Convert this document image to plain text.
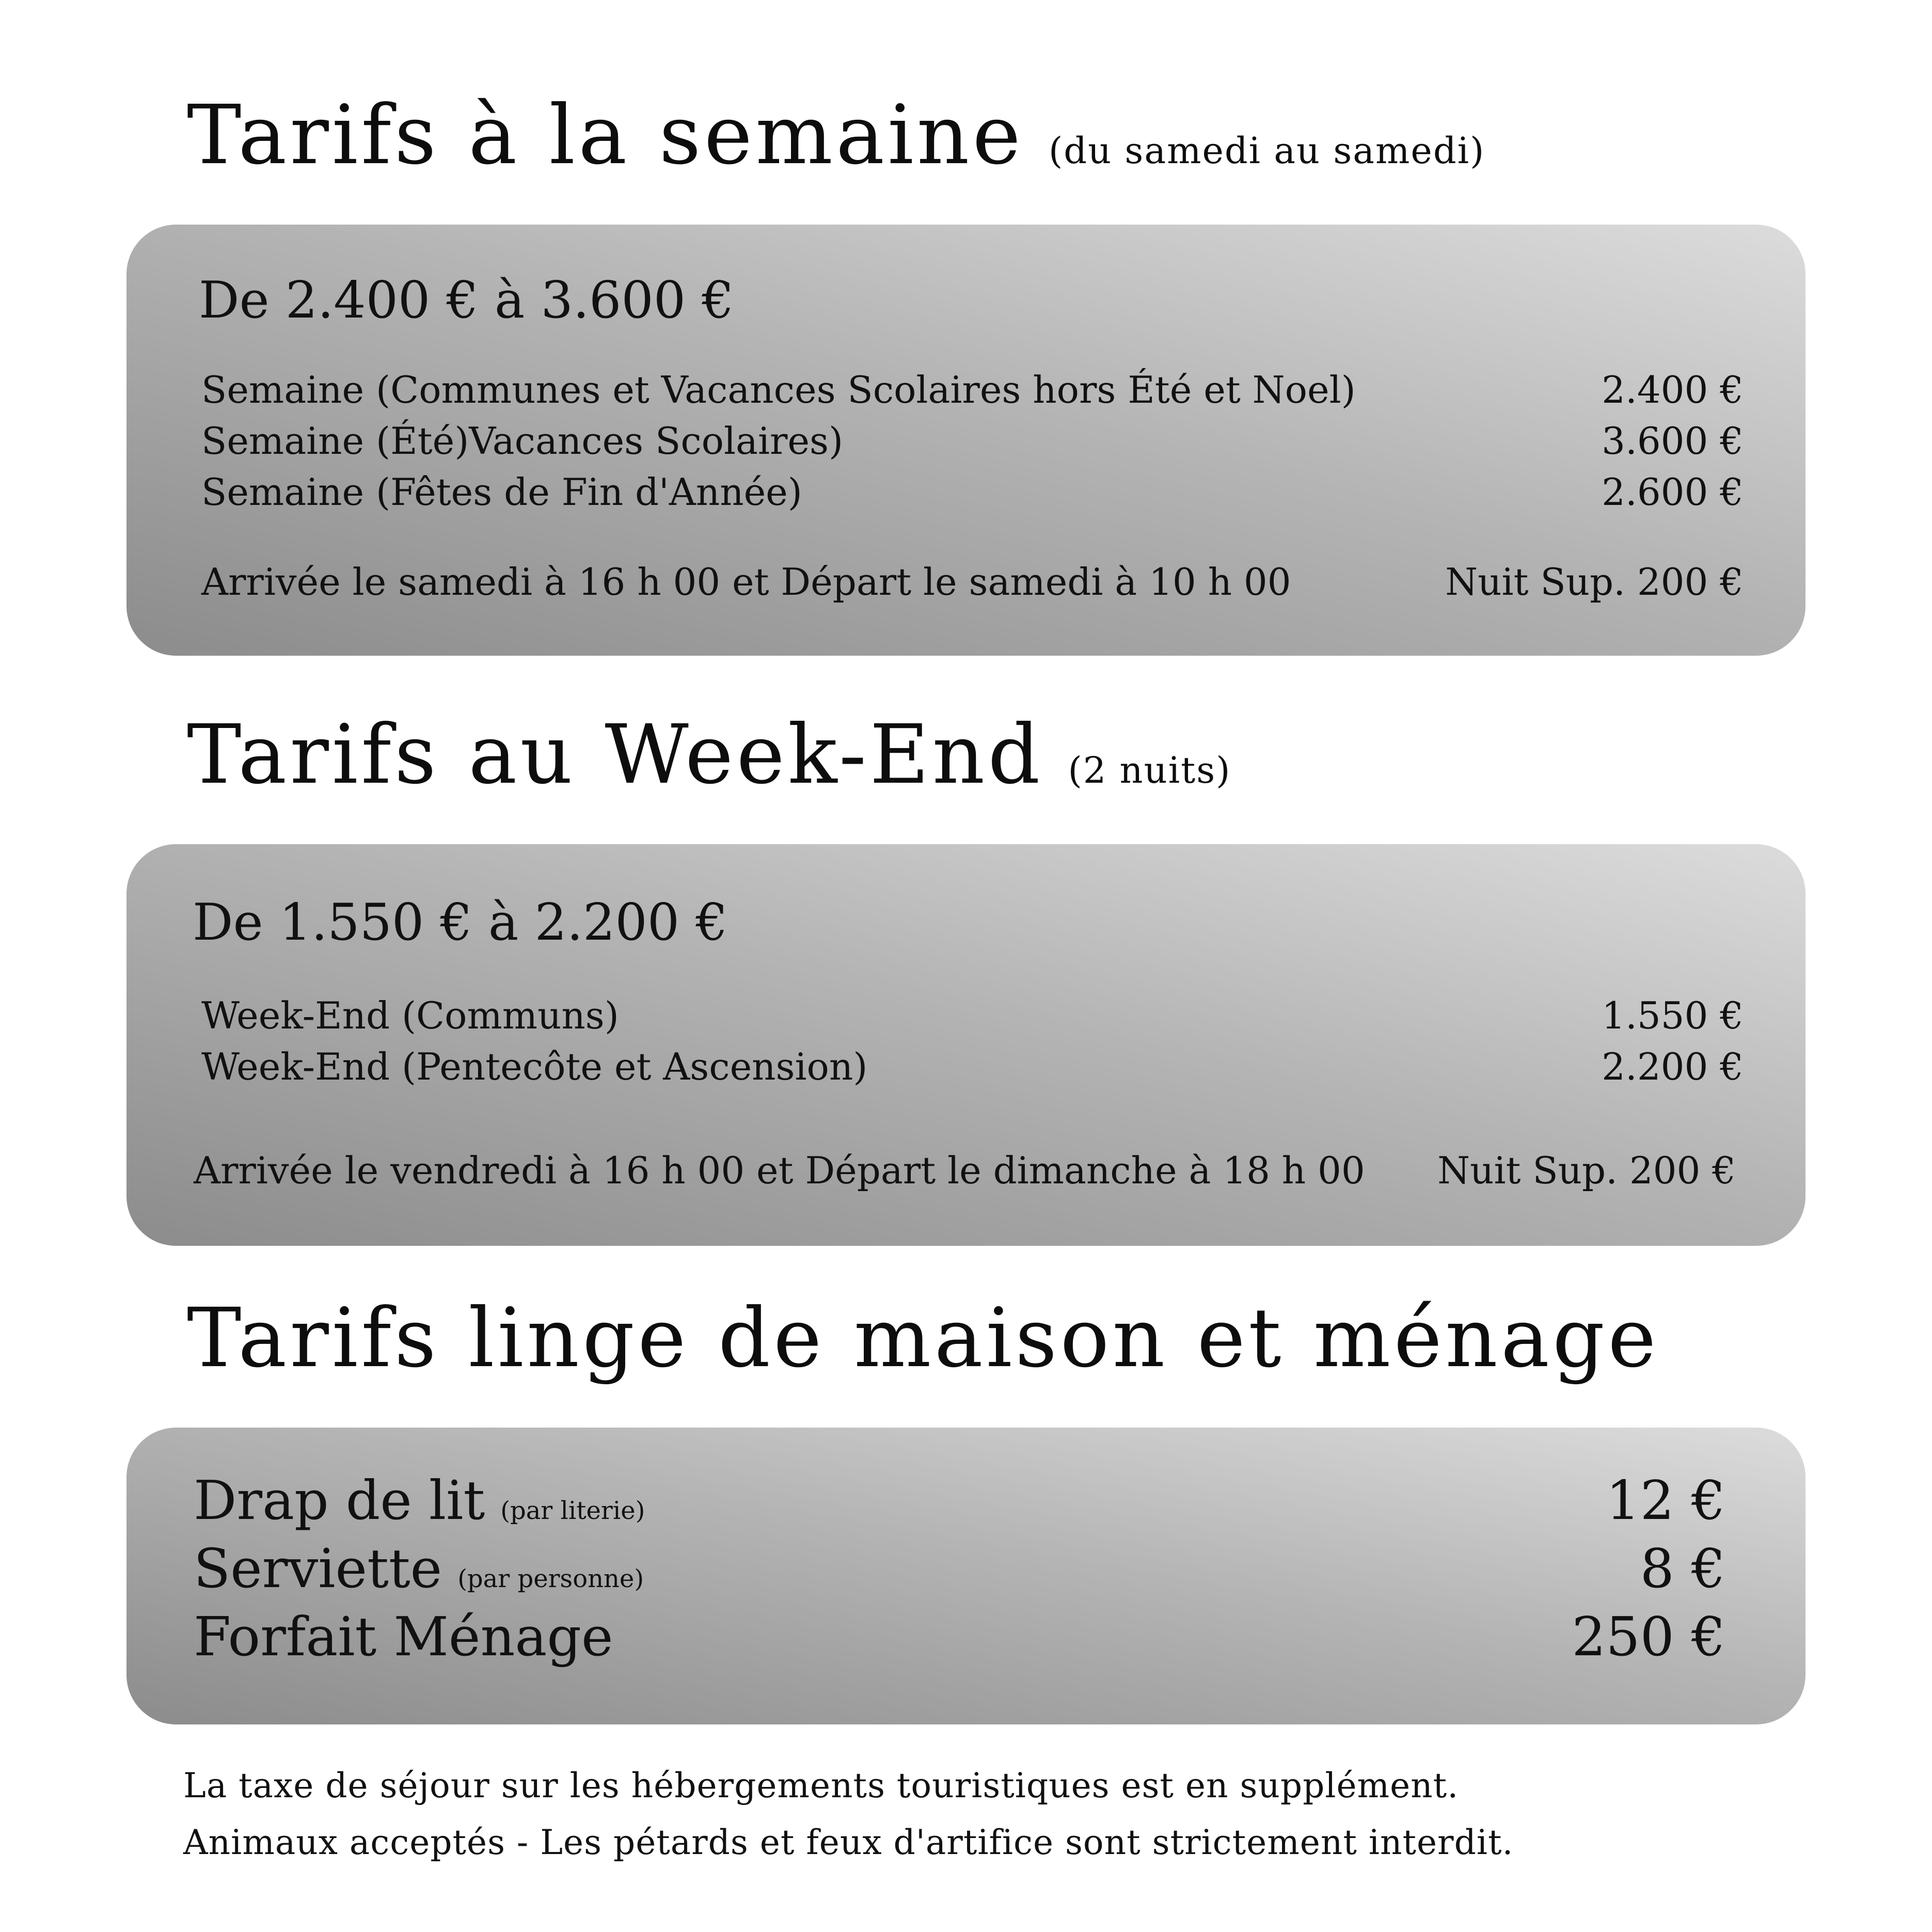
Tarifs à la semaine (du samedi au samedi)
De 2.400 € à 3.600 €
Semaine (Communes et Vacances Scolaires hors Été et Noel)	2.400 €
Semaine (Été)Vacances Scolaires)	3.600 €
Semaine (Fêtes de Fin d'Année)	2.600 €
Arrivée le samedi à 16 h 00 et Départ le samedi à 10 h 00	Nuit Sup. 200 €
Tarifs au Week-End (2 nuits)
De 1.550 € à 2.200 €
Week-End (Communs)	1.550 €
Week-End (Pentecôte et Ascension)	2.200 €
Arrivée le vendredi à 16 h 00 et Départ le dimanche à 18 h 00 Nuit Sup. 200 €
Tarifs linge de maison et ménage
Drap de lit (par literie)	12 €
Serviette (par personne)	8 €
Forfait Ménage	250 €
La taxe de séjour sur les hébergements touristiques est en supplément.
Animaux acceptés - Les pétards et feux d'artifice sont strictement interdit.
